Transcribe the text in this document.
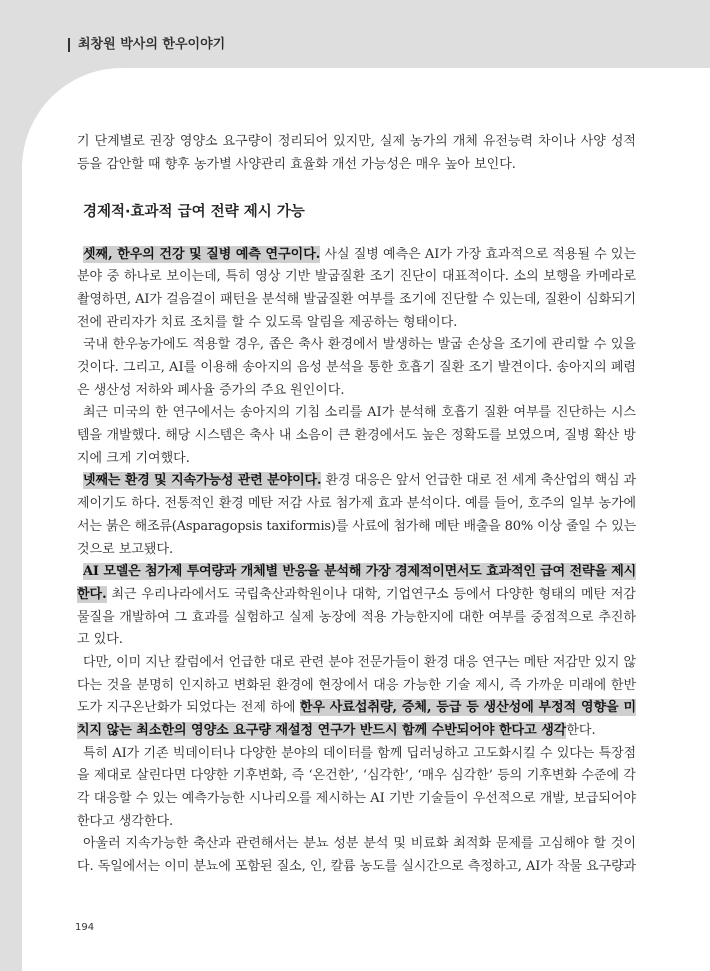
최창원 박사의 한우이야기
기 단계별로 권장 영양소 요구량이 정리되어 있지만, 실제 농가의 개체 유전능력 차이나 사양 성적
등을 감안할 때 향후 농가별 사양관리 효율화 개선 가능성은 매우 높아 보인다.
경제적·효과적 급여 전략 제시 가능
셋째, 한우의 건강 및 질병 예측 연구이다. 사실 질병 예측은 AI가 가장 효과적으로 적용될 수 있는
분야 중 하나로 보이는데, 특히 영상 기반 발굽질환 조기 진단이 대표적이다. 소의 보행을 카메라로
촬영하면, AI가 걸음걸이 패턴을 분석해 발굽질환 여부를 조기에 진단할 수 있는데, 질환이 심화되기
전에 관리자가 치료 조치를 할 수 있도록 알림을 제공하는 형태이다.
국내 한우농가에도 적용할 경우, 좁은 축사 환경에서 발생하는 발굽 손상을 조기에 관리할 수 있을
것이다. 그리고, AI를 이용해 송아지의 음성 분석을 통한 호흡기 질환 조기 발견이다. 송아지의 폐렴
은 생산성 저하와 폐사율 증가의 주요 원인이다.
최근 미국의 한 연구에서는 송아지의 기침 소리를 AI가 분석해 호흡기 질환 여부를 진단하는 시스
템을 개발했다. 해당 시스템은 축사 내 소음이 큰 환경에서도 높은 정확도를 보였으며, 질병 확산 방
지에 크게 기여했다.
넷째는 환경 및 지속가능성 관련 분야이다. 환경 대응은 앞서 언급한 대로 전 세계 축산업의 핵심 과
제이기도 하다. 전통적인 환경 메탄 저감 사료 첨가제 효과 분석이다. 예를 들어, 호주의 일부 농가에
서는 붉은 해조류(Asparagopsis taxiformis)를 사료에 첨가해 메탄 배출을 80% 이상 줄일 수 있는
것으로 보고됐다.
AI 모델은 첨가제 투여량과 개체별 반응을 분석해 가장 경제적이면서도 효과적인 급여 전략을 제시
한다. 최근 우리나라에서도 국립축산과학원이나 대학, 기업연구소 등에서 다양한 형태의 메탄 저감
물질을 개발하여 그 효과를 실험하고 실제 농장에 적용 가능한지에 대한 여부를 중점적으로 추진하
고 있다.
다만, 이미 지난 칼럼에서 언급한 대로 관련 분야 전문가들이 환경 대응 연구는 메탄 저감만 있지 않
다는 것을 분명히 인지하고 변화된 환경에 현장에서 대응 가능한 기술 제시, 즉 가까운 미래에 한반
도가 지구온난화가 되었다는 전제 하에 한우 사료섭취량, 증체, 등급 등 생산성에 부정적 영향을 미
치지 않는 최소한의 영양소 요구량 재설정 연구가 반드시 함께 수반되어야 한다고 생각한다.
특히 AI가 기존 빅데이터나 다양한 분야의 데이터를 함께 딥러닝하고 고도화시킬 수 있다는 특장점
을 제대로 살린다면 다양한 기후변화, 즉 ‘온건한’, ‘심각한’, ‘매우 심각한’ 등의 기후변화 수준에 각
각 대응할 수 있는 예측가능한 시나리오를 제시하는 AI 기반 기술들이 우선적으로 개발, 보급되어야
한다고 생각한다.
아울러 지속가능한 축산과 관련해서는 분뇨 성분 분석 및 비료화 최적화 문제를 고심해야 할 것이
다. 독일에서는 이미 분뇨에 포함된 질소, 인, 칼륨 농도를 실시간으로 측정하고, AI가 작물 요구량과
194
